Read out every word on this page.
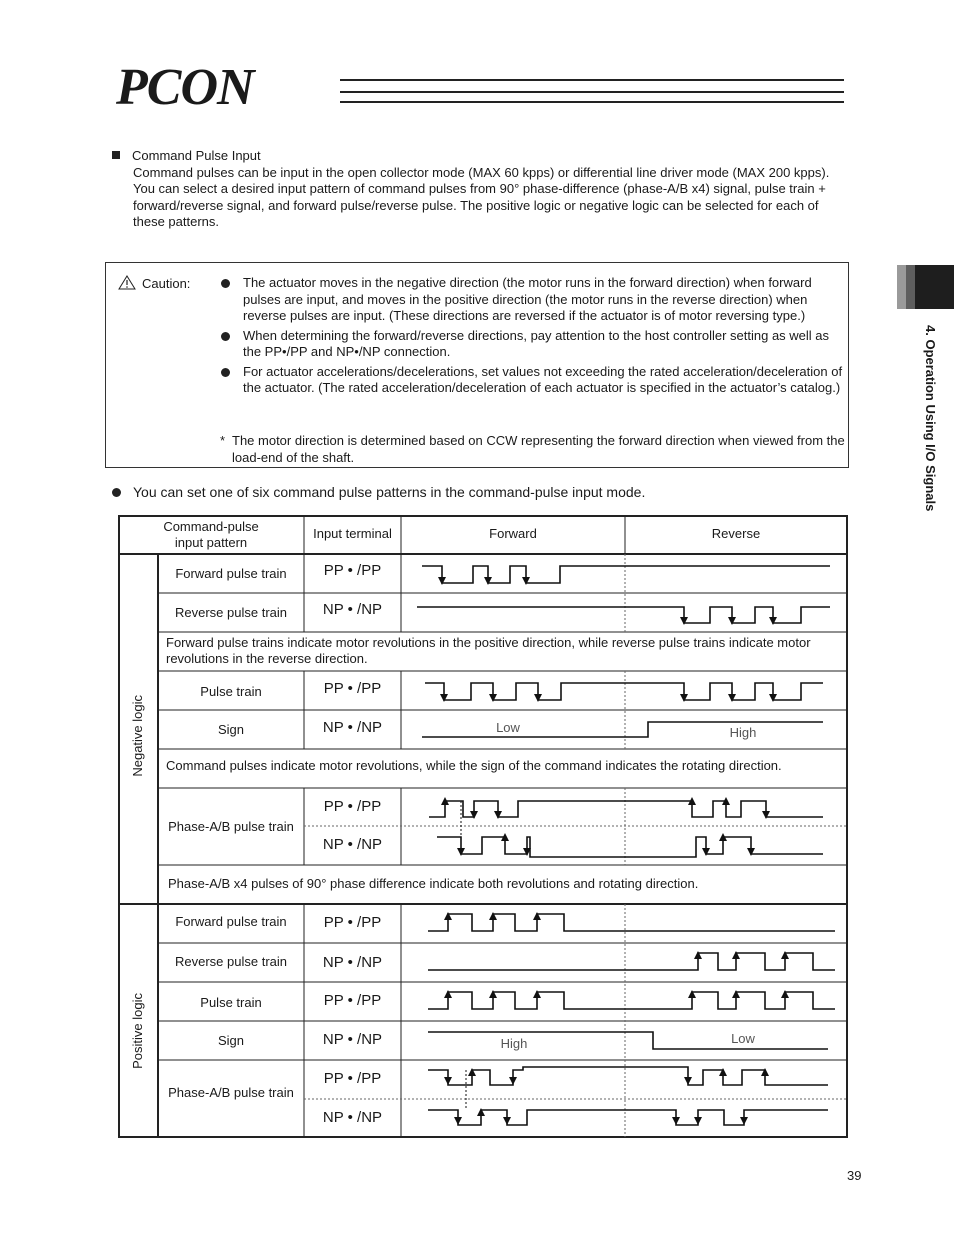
PCON
4. Operation Using I/O Signals
Command Pulse Input

Command pulses can be input in the open collector mode (MAX 60 kpps) or differential line driver mode (MAX 200 kpps).

You can select a desired input pattern of command pulses from 90° phase-difference (phase-A/B x4) signal, pulse train + forward/reverse signal, and forward pulse/reverse pulse. The positive logic or negative logic can be selected for each of these patterns.

Caution:	The actuator moves in the negative direction (the motor runs in the forward direction) when forward pulses are input, and moves in the positive direction (the motor runs in the reverse direction) when reverse pulses are input. (These directions are reversed if the actuator is of motor reversing type.)
When determining the forward/reverse directions, pay attention to the host controller setting as well as the PP•/PP and NP•/NP connection.
For actuator accelerations/decelerations, set values not exceeding the rated acceleration/deceleration of the actuator. (The rated acceleration/deceleration of each actuator is specified in the actuator’s catalog.)
* The motor direction is determined based on CCW representing the forward direction when viewed from the load-end of the shaft.
You can set one of six command pulse patterns in the command-pulse input mode.
Command-pulse
input pattern
Input terminal	Forward	Reverse
Negative logic
Positive logic
Forward pulse train	PP • /PP
Reverse pulse train	NP • /NP
Forward pulse trains indicate motor revolutions in the positive direction, while reverse pulse trains indicate motor revolutions in the reverse direction.
Pulse train	PP • /PP
Sign	NP • /NP	Low	High
Command pulses indicate motor revolutions, while the sign of the command indicates the rotating direction.
Phase-A/B pulse train
PP • /PP
NP • /NP
Phase-A/B x4 pulses of 90° phase difference indicate both revolutions and rotating direction.
Forward pulse train	PP • /PP
Reverse pulse train	NP • /NP
Pulse train	PP • /PP
Sign	NP • /NP	High	Low
Phase-A/B pulse train
PP • /PP
NP • /NP
39
